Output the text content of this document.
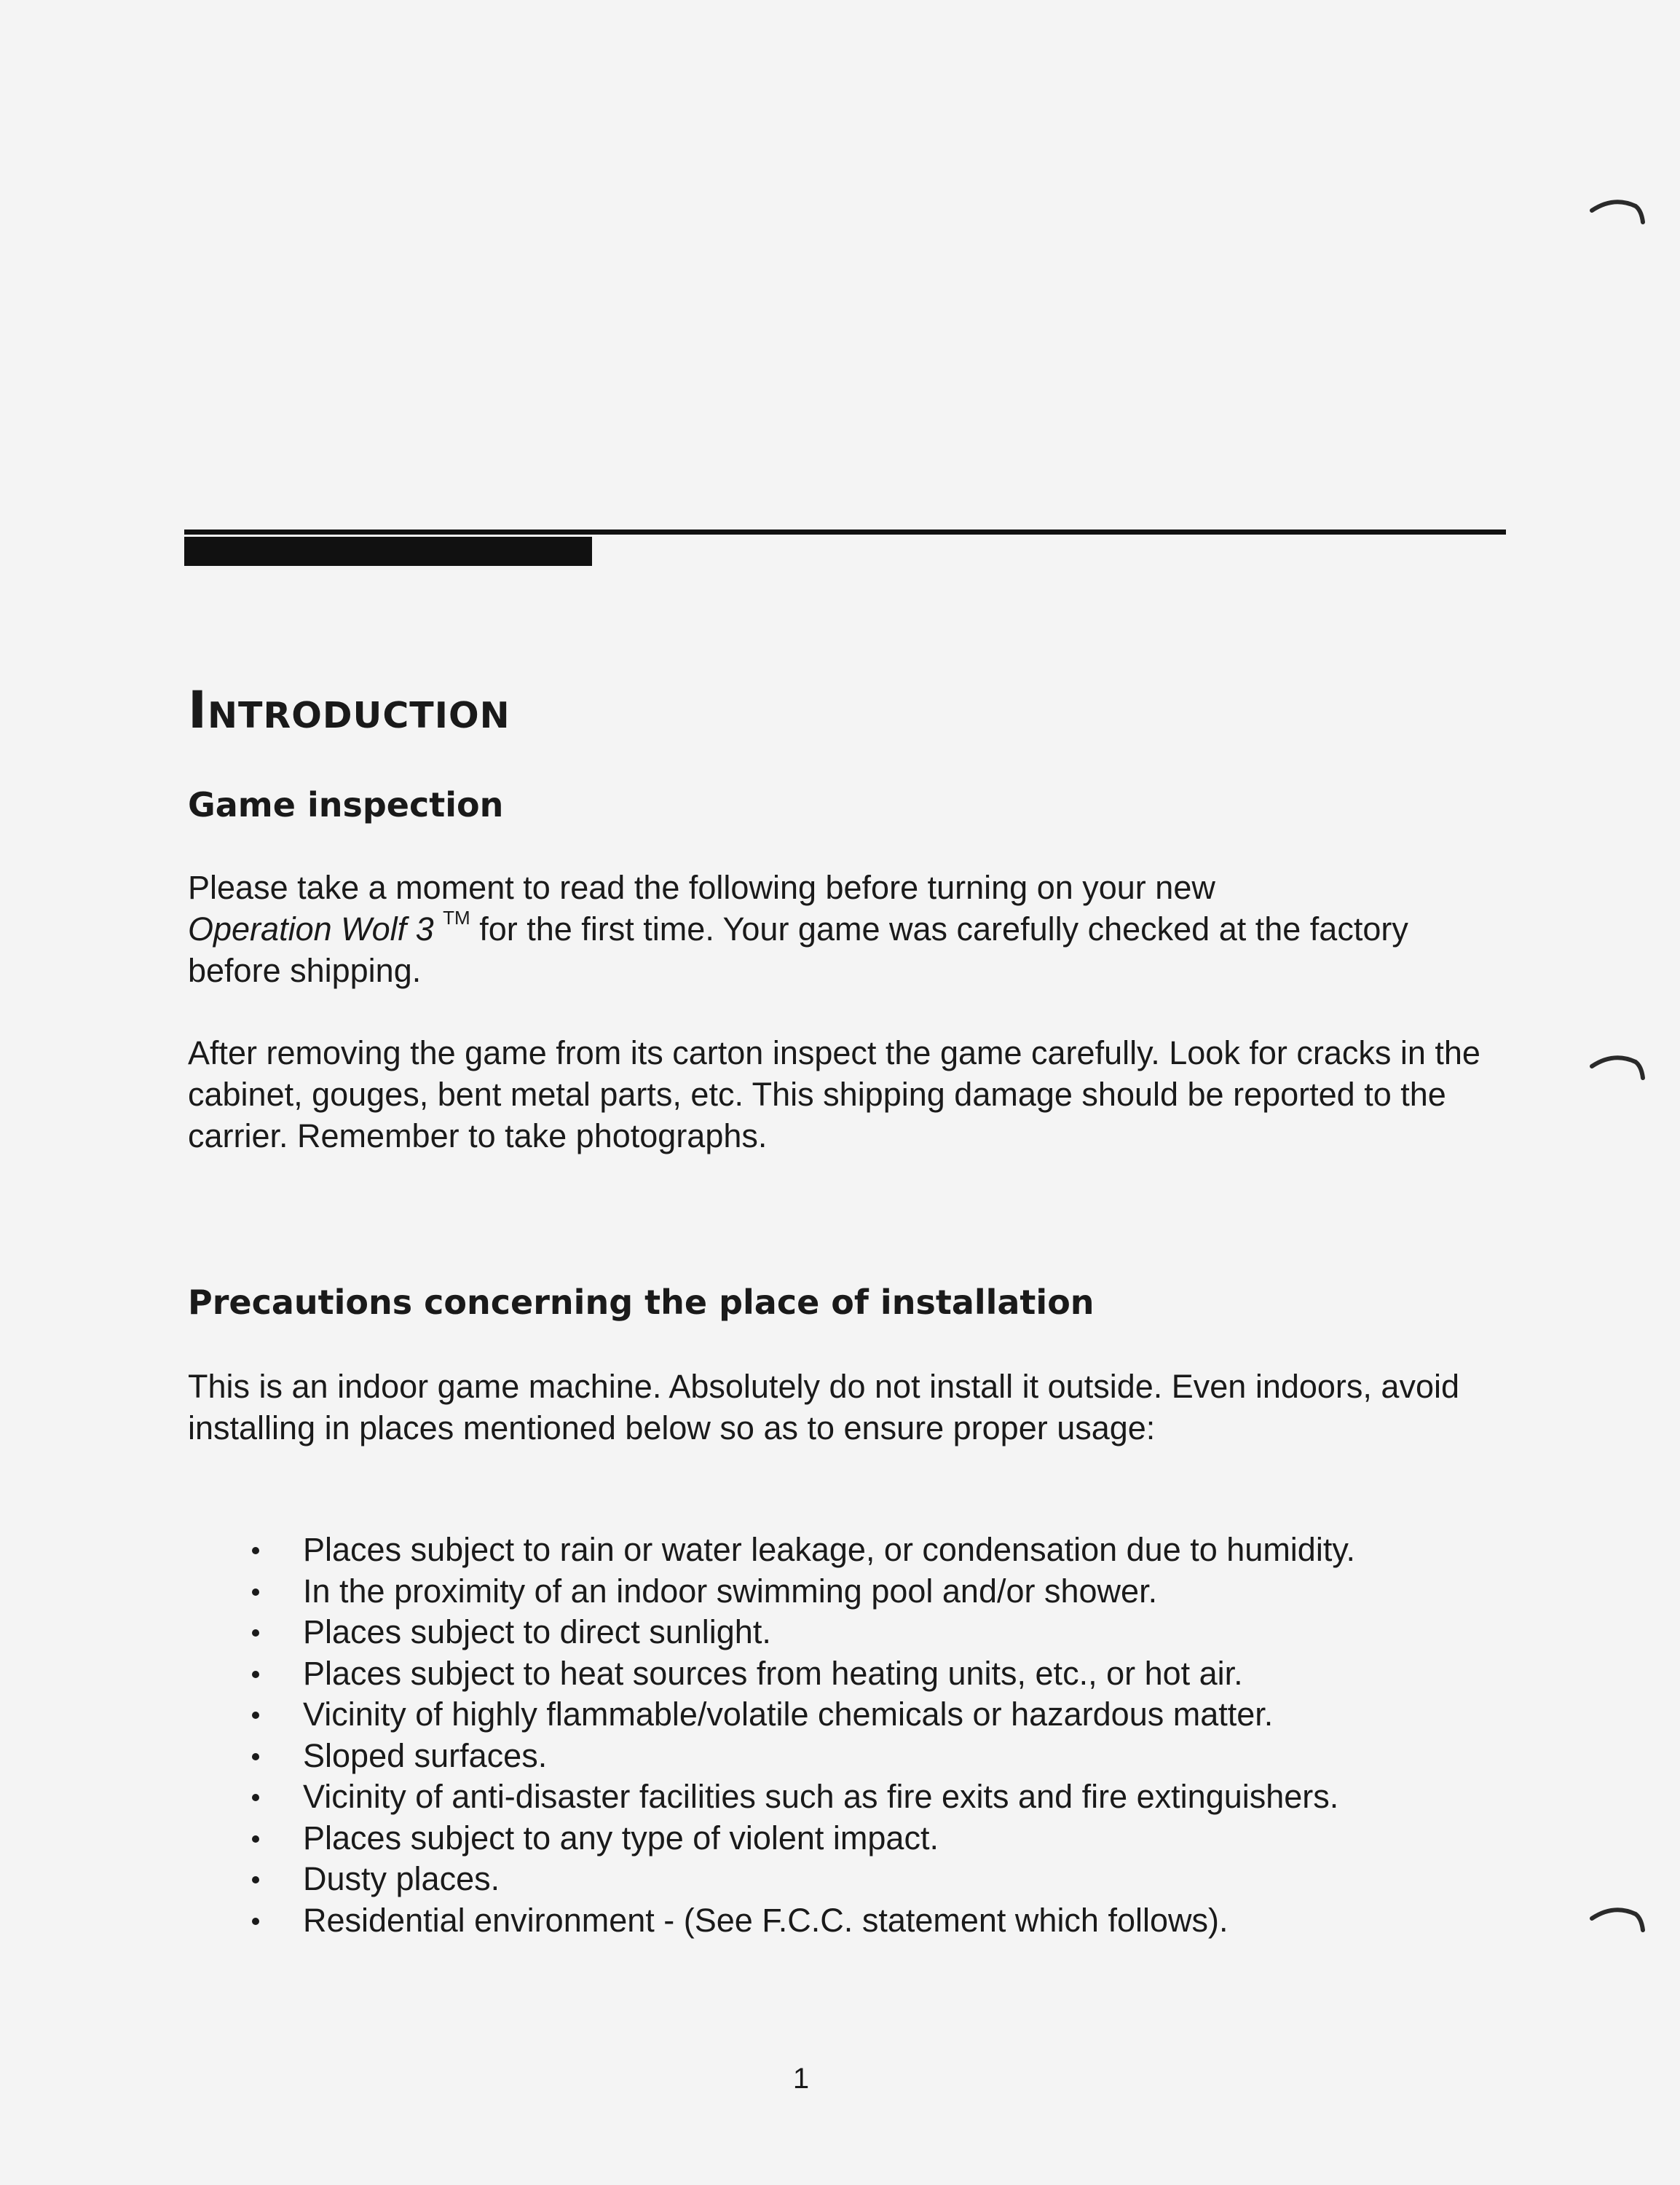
Introduction
Game inspection

Please take a moment to read the following before turning on your new
Operation Wolf 3 ™ for the first time. Your game was carefully checked at the factory before shipping.

After removing the game from its carton inspect the game carefully. Look for cracks in the cabinet, gouges, bent metal parts, etc. This shipping damage should be reported to the carrier. Remember to take photographs.

Precautions concerning the place of installation

This is an indoor game machine. Absolutely do not install it outside. Even indoors, avoid installing in places mentioned below so as to ensure proper usage:

Places subject to rain or water leakage, or condensation due to humidity.
In the proximity of an indoor swimming pool and/or shower.
Places subject to direct sunlight.
Places subject to heat sources from heating units, etc., or hot air.
Vicinity of highly flammable/volatile chemicals or hazardous matter.
Sloped surfaces.
Vicinity of anti-disaster facilities such as fire exits and fire extinguishers.
Places subject to any type of violent impact.
Dusty places.
Residential environment - (See F.C.C. statement which follows).
1
